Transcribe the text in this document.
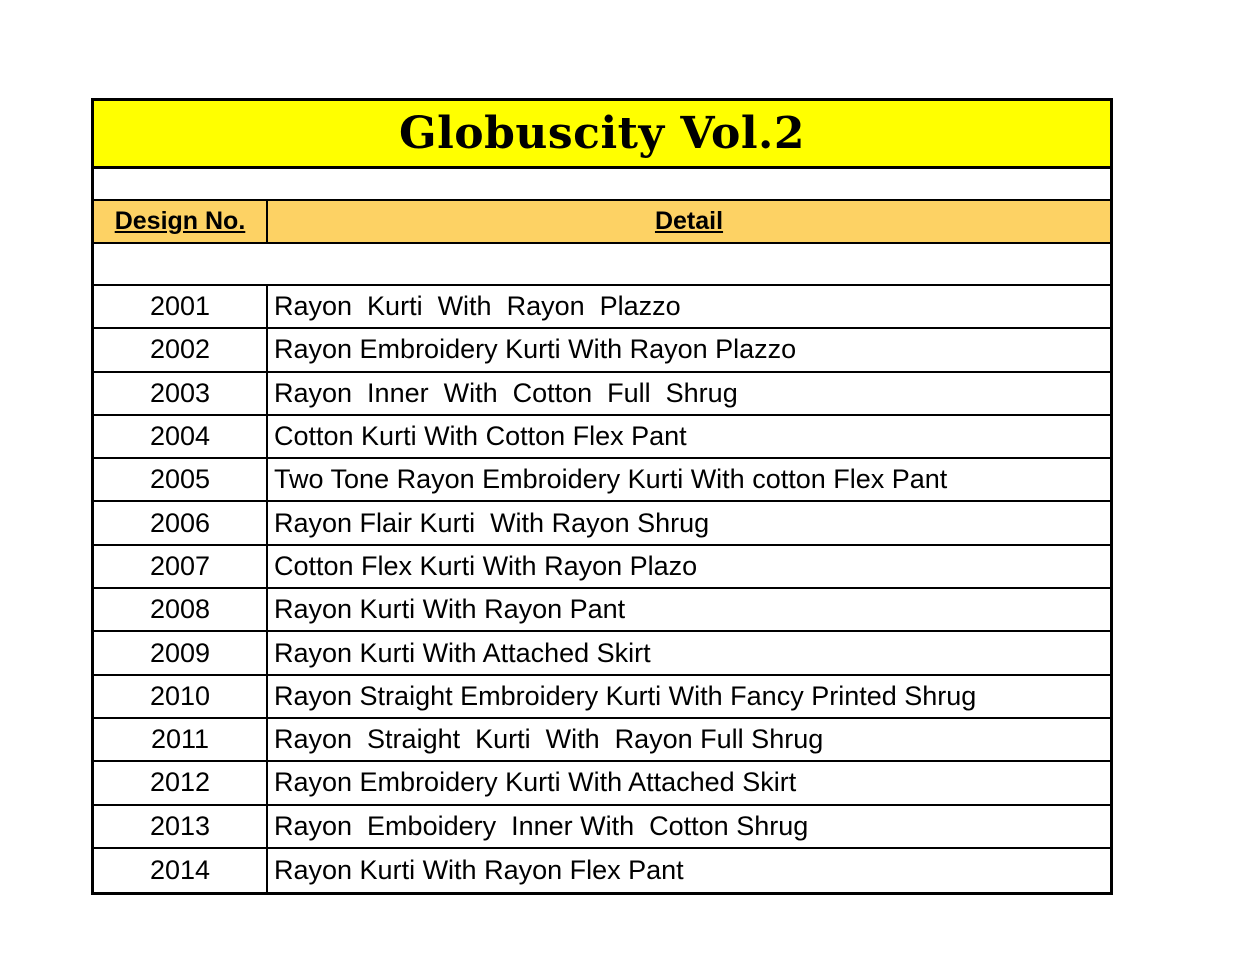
Globuscity Vol.2
Design No.	Detail
2001	Rayon  Kurti  With  Rayon  Plazzo
2002	Rayon Embroidery Kurti With Rayon Plazzo
2003	Rayon  Inner  With  Cotton  Full  Shrug
2004	Cotton Kurti With Cotton Flex Pant
2005	Two Tone Rayon Embroidery Kurti With cotton Flex Pant
2006	Rayon Flair Kurti  With Rayon Shrug
2007	Cotton Flex Kurti With Rayon Plazo
2008	Rayon Kurti With Rayon Pant
2009	Rayon Kurti With Attached Skirt
2010	Rayon Straight Embroidery Kurti With Fancy Printed Shrug
2011	Rayon  Straight  Kurti  With  Rayon Full Shrug
2012	Rayon Embroidery Kurti With Attached Skirt
2013	Rayon  Emboidery  Inner With  Cotton Shrug
2014	Rayon Kurti With Rayon Flex Pant
